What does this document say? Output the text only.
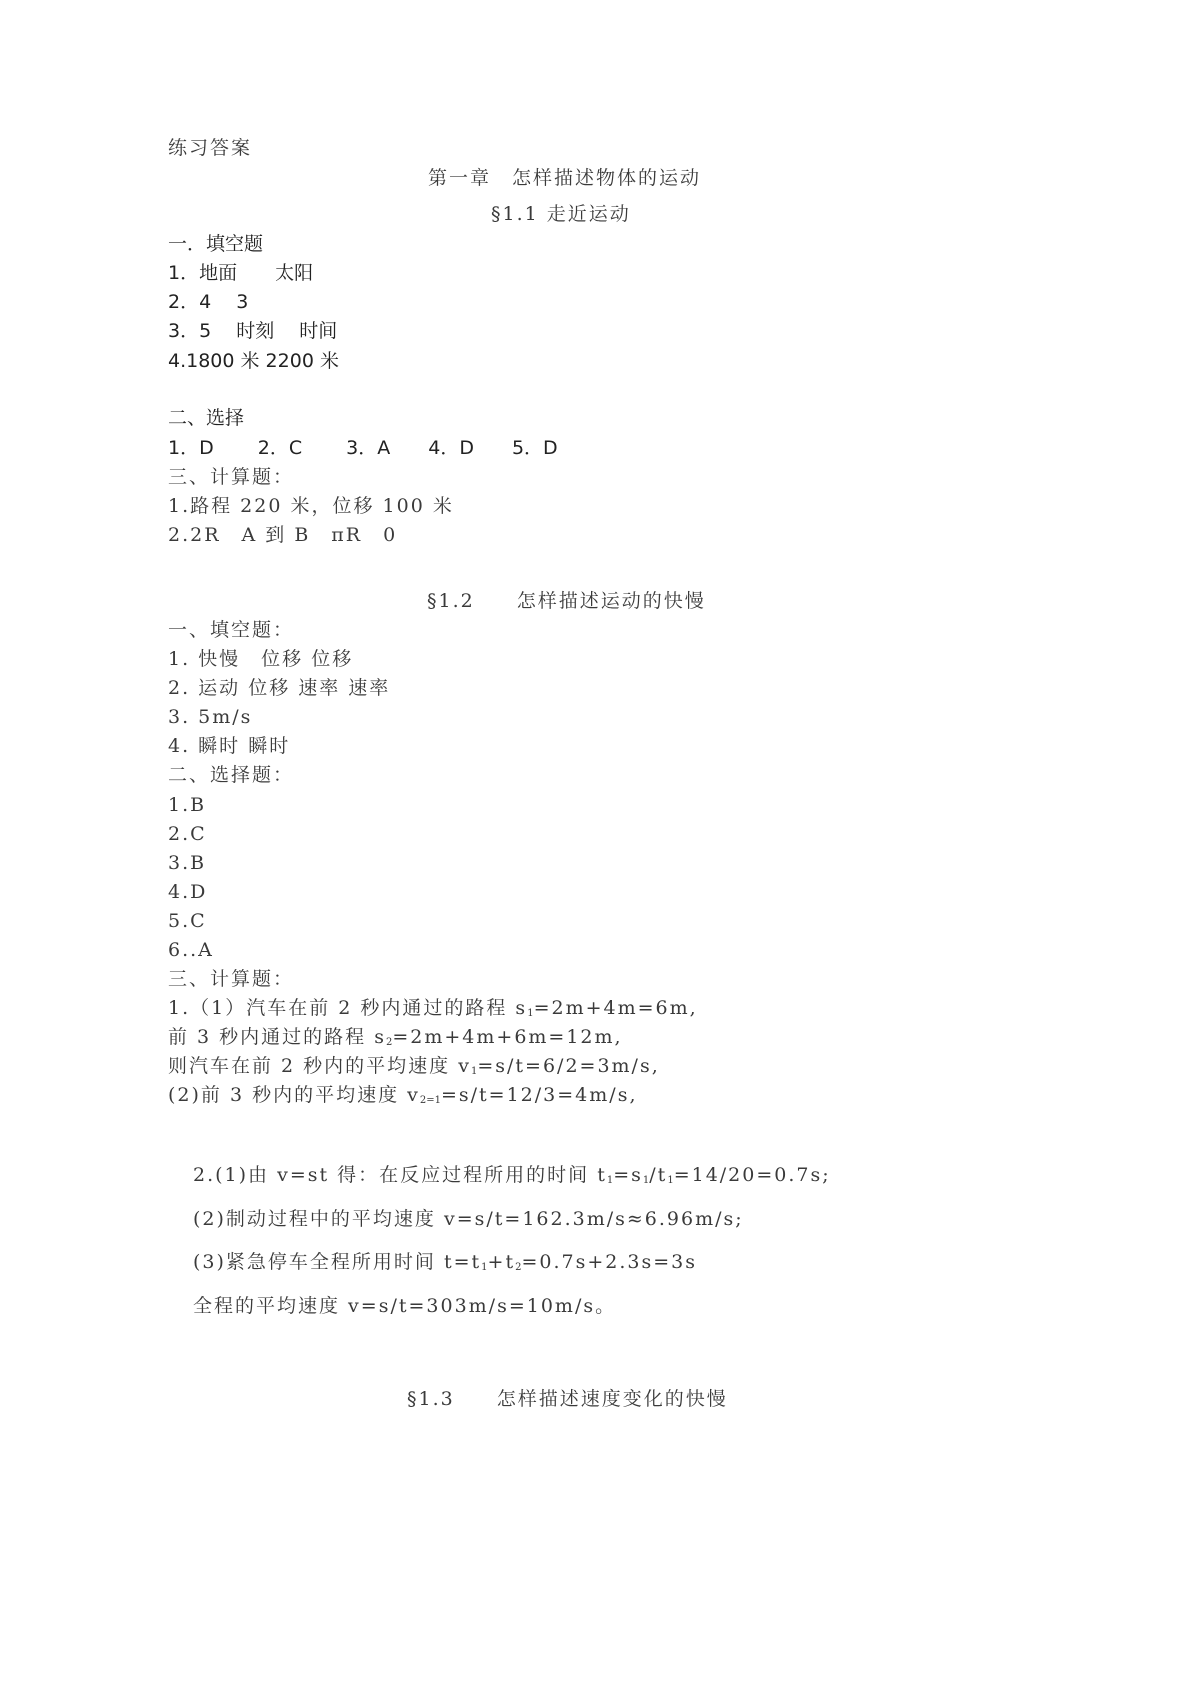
练习答案
第一章　怎样描述物体的运动
§1.1 走近运动
一．填空题
1．地面　　太阳
2．4　 3
3．5　 时刻　 时间
4.1800 米 2200 米
二、选择
1．D　　 2．C　　 3．A　　4．D　　5．D
三、计算题：
1.路程 220 米，位移 100 米
2.2R　A 到 B　πR　0
§1.2　　怎样描述运动的快慢
一、填空题：
1. 快慢　位移 位移
2. 运动 位移 速率 速率
3. 5m/s
4. 瞬时 瞬时
二、选择题：
1.B
2.C
3.B
4.D
5.C
6..A
三、计算题：
1.（1）汽车在前 2 秒内通过的路程 $s_1=2m+4m=6m$,
前 3 秒内通过的路程 $s_2=2m+4m+6m=12m$,
则汽车在前 2 秒内的平均速度 $v_1=s/t=6/2=3m/s$,
(2)前 3 秒内的平均速度 $v_{2=1}=s/t=12/3=4m/s$,
2.(1)由 v=st 得：在反应过程所用的时间 $t_1=s_1/t_1=14/20=0.7s$;
(2)制动过程中的平均速度 v=s/t=162.3m/s≈6.96m/s;
(3)紧急停车全程所用时间 $t=t_1+t_2=0.7s+2.3s=3s$
全程的平均速度 v=s/t=303m/s=10m/s。
§1.3　　怎样描述速度变化的快慢
